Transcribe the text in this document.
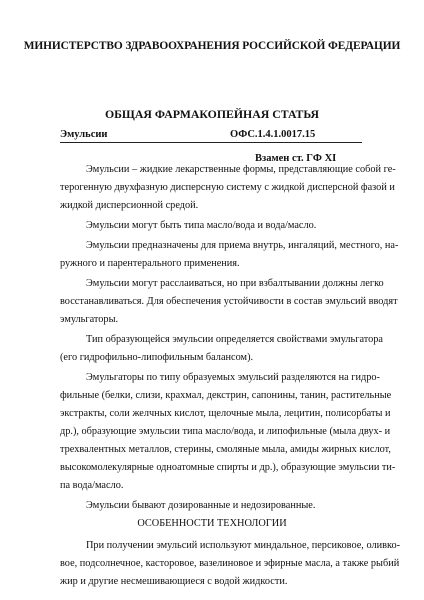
МИНИСТЕРСТВО ЗДРАВООХРАНЕНИЯ РОССИЙСКОЙ ФЕДЕРАЦИИ
ОБЩАЯ ФАРМАКОПЕЙНАЯ СТАТЬЯ
Эмульсии	ОФС.1.4.1.0017.15
Взамен ст. ГФ XI
Эмульсии – жидкие лекарственные формы, представляющие собой ге-
терогенную двухфазную дисперсную систему с жидкой дисперсной фазой и
жидкой дисперсионной средой.
Эмульсии могут быть типа масло/вода и вода/масло.
Эмульсии предназначены для приема внутрь, ингаляций, местного, на-
ружного и парентерального применения.
Эмульсии могут расслаиваться, но при взбалтывании должны легко
восстанавливаться. Для обеспечения устойчивости в состав эмульсий вводят
эмульгаторы.
Тип образующейся эмульсии определяется свойствами эмульгатора
(его гидрофильно-липофильным балансом).
Эмульгаторы по типу образуемых эмульсий разделяются на гидро-
фильные (белки, слизи, крахмал, декстрин, сапонины, танин, растительные
экстракты, соли желчных кислот, щелочные мыла, лецитин, полисорбаты и
др.), образующие эмульсии типа масло/вода, и липофильные (мыла двух- и
трехвалентных металлов, стерины, смоляные мыла, амиды жирных кислот,
высокомолекулярные одноатомные спирты и др.), образующие эмульсии ти-
па вода/масло.
Эмульсии бывают дозированные и недозированные.
ОСОБЕННОСТИ ТЕХНОЛОГИИ
При получении эмульсий используют миндальное, персиковое, оливко-
вое, подсолнечное, касторовое, вазелиновое и эфирные масла, а также рыбий
жир и другие несмешивающиеся с водой жидкости.
